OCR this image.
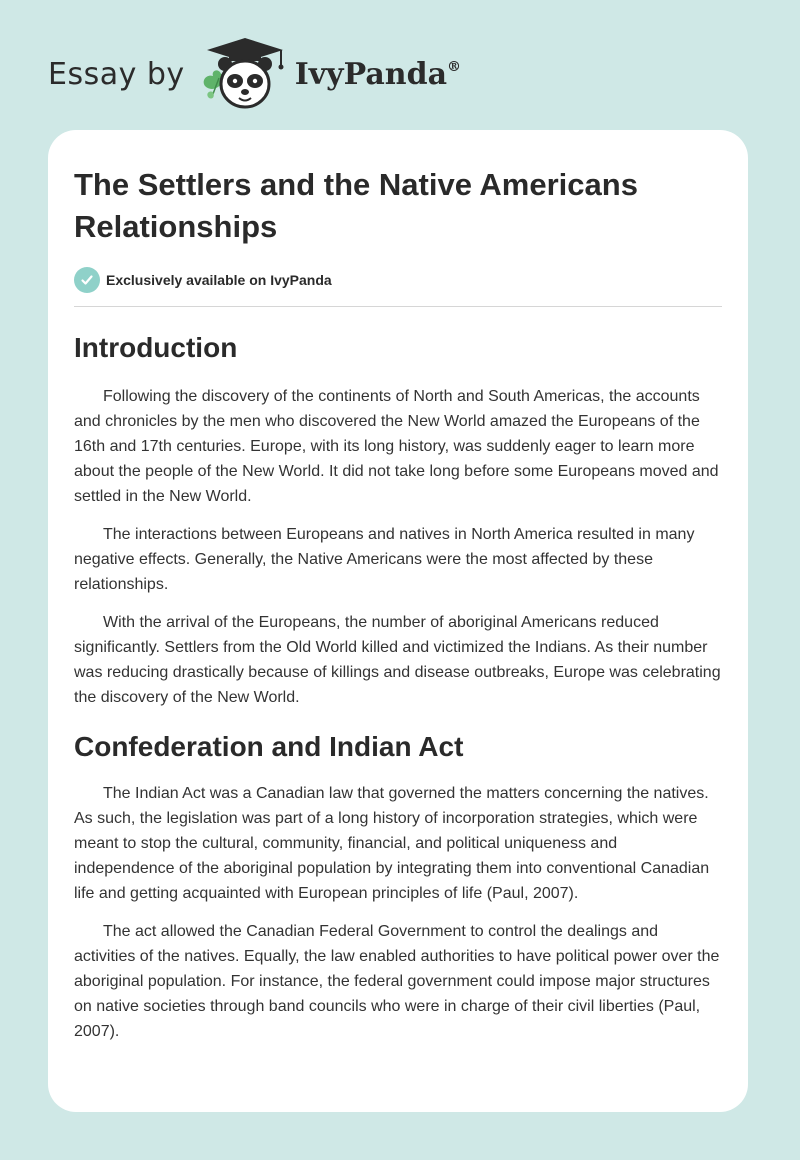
Essay by	IvyPanda®
The Settlers and the Native Americans Relationships
Exclusively available on IvyPanda
Introduction

Following the discovery of the continents of North and South Americas, the accounts and chronicles by the men who discovered the New World amazed the Europeans of the 16th and 17th centuries. Europe, with its long history, was suddenly eager to learn more about the people of the New World. It did not take long before some Europeans moved and settled in the New World.

The interactions between Europeans and natives in North America resulted in many negative effects. Generally, the Native Americans were the most affected by these relationships.

With the arrival of the Europeans, the number of aboriginal Americans reduced significantly. Settlers from the Old World killed and victimized the Indians. As their number was reducing drastically because of killings and disease outbreaks, Europe was celebrating the discovery of the New World.

Confederation and Indian Act

The Indian Act was a Canadian law that governed the matters concerning the natives. As such, the legislation was part of a long history of incorporation strategies, which were meant to stop the cultural, community, financial, and political uniqueness and independence of the aboriginal population by integrating them into conventional Canadian life and getting acquainted with European principles of life (Paul, 2007).

The act allowed the Canadian Federal Government to control the dealings and activities of the natives. Equally, the law enabled authorities to have political power over the aboriginal population. For instance, the federal government could impose major structures on native societies through band councils who were in charge of their civil liberties (Paul, 2007).
